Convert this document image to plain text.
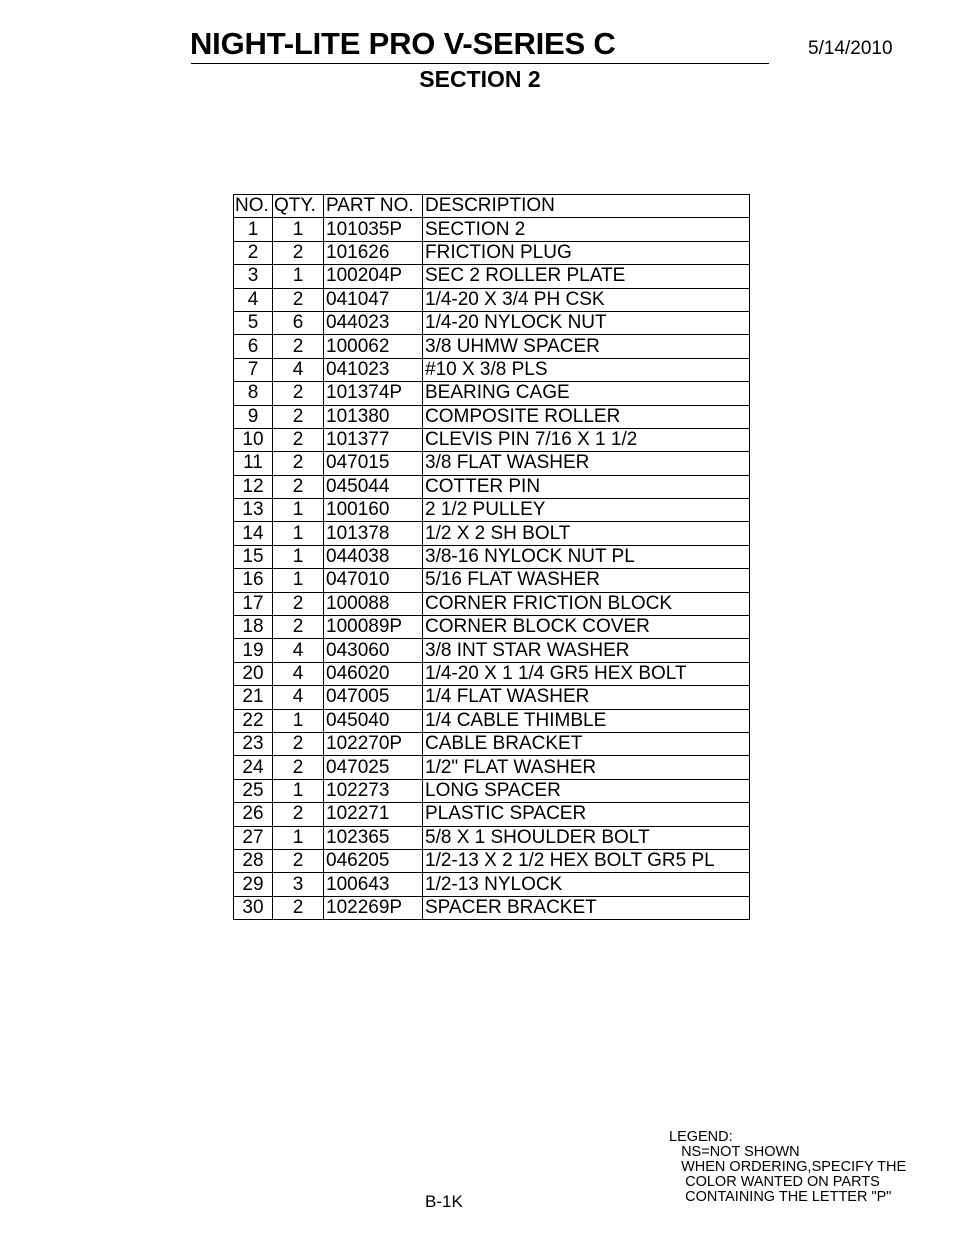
NIGHT-LITE PRO V-SERIES C	5/14/2010
SECTION 2
NO.	QTY.	PART NO.	DESCRIPTION
1	1	101035P	SECTION 2
2	2	101626	FRICTION PLUG
3	1	100204P	SEC 2 ROLLER PLATE
4	2	041047	1/4-20 X 3/4 PH CSK
5	6	044023	1/4-20 NYLOCK NUT
6	2	100062	3/8 UHMW SPACER
7	4	041023	#10 X 3/8 PLS
8	2	101374P	BEARING CAGE
9	2	101380	COMPOSITE ROLLER
10	2	101377	CLEVIS PIN 7/16 X 1 1/2
11	2	047015	3/8 FLAT WASHER
12	2	045044	COTTER PIN
13	1	100160	2 1/2 PULLEY
14	1	101378	1/2 X 2 SH BOLT
15	1	044038	3/8-16 NYLOCK NUT PL
16	1	047010	5/16 FLAT WASHER
17	2	100088	CORNER FRICTION BLOCK
18	2	100089P	CORNER BLOCK COVER
19	4	043060	3/8 INT STAR WASHER
20	4	046020	1/4-20 X 1 1/4 GR5 HEX BOLT
21	4	047005	1/4 FLAT WASHER
22	1	045040	1/4 CABLE THIMBLE
23	2	102270P	CABLE BRACKET
24	2	047025	1/2" FLAT WASHER
25	1	102273	LONG SPACER
26	2	102271	PLASTIC SPACER
27	1	102365	5/8 X 1 SHOULDER BOLT
28	2	046205	1/2-13 X 2 1/2 HEX BOLT GR5 PL
29	3	100643	1/2-13 NYLOCK
30	2	102269P	SPACER BRACKET
LEGEND:
NS=NOT SHOWN
WHEN ORDERING,SPECIFY THE
COLOR WANTED ON PARTS
CONTAINING THE LETTER "P"
B-1K
